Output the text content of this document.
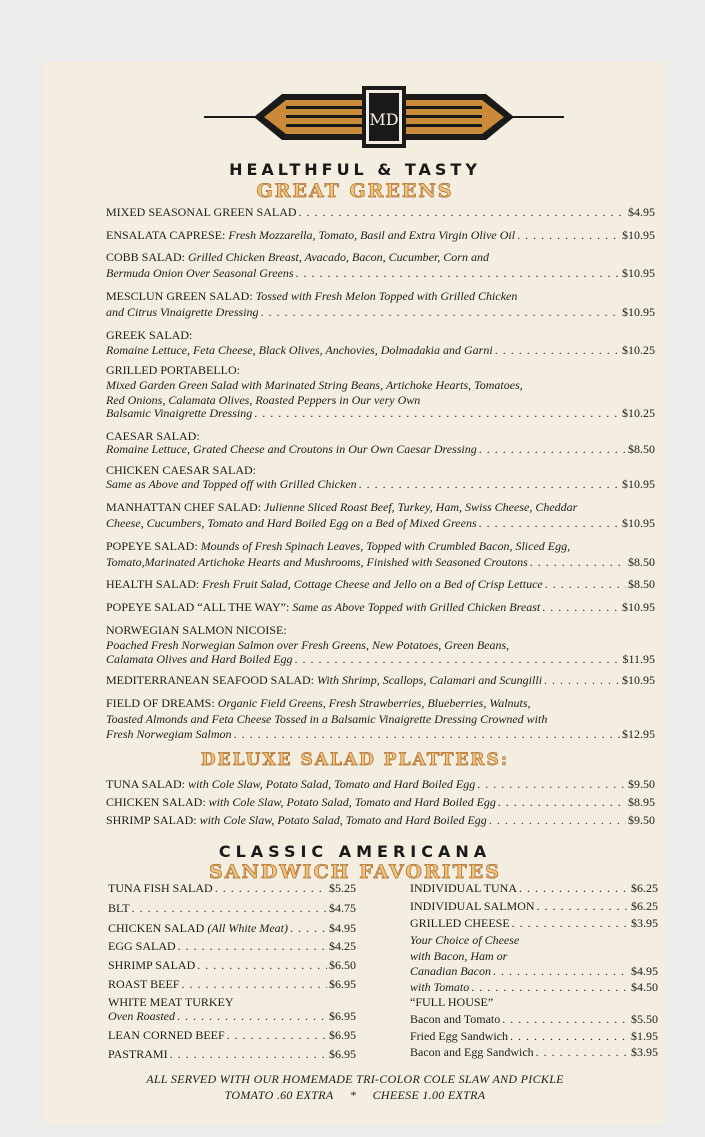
MD
HEALTHFUL & TASTY
GREAT GREENS
MIXED SEASONAL GREEN SALAD . . .	$4.95
ENSALATA CAPRESE:
Fresh Mozzarella, Tomato, Basil and Extra Virgin Olive Oil . . .	$10.95
COBB SALAD: Grilled Chicken Breast, Avacado, Bacon, Cucumber, Corn and
Bermuda Onion Over Seasonal Greens . . .	$10.95
MESCLUN GREEN SALAD: Tossed with Fresh Melon Topped with Grilled Chicken
and Citrus Vinaigrette Dressing . . .	$10.95
GREEK SALAD:
Romaine Lettuce, Feta Cheese, Black Olives, Anchovies, Dolmadakia and Garni . . .	$10.25
GRILLED PORTABELLO:
Mixed Garden Green Salad with Marinated String Beans, Artichoke Hearts, Tomatoes,
Red Onions, Calamata Olives, Roasted Peppers in Our very Own
Balsamic Vinaigrette Dressing . . .	$10.25
CAESAR SALAD:
Romaine Lettuce, Grated Cheese and Croutons in Our Own Caesar Dressing . . .	$8.50
CHICKEN CAESAR SALAD:
Same as Above and Topped off with Grilled Chicken . . .	$10.95
MANHATTAN CHEF SALAD: Julienne Sliced Roast Beef, Turkey, Ham, Swiss Cheese, Cheddar
Cheese, Cucumbers, Tomato and Hard Boiled Egg on a Bed of Mixed Greens . . .	$10.95
POPEYE SALAD: Mounds of Fresh Spinach Leaves, Topped with Crumbled Bacon, Sliced Egg,
Tomato,Marinated Artichoke Hearts and Mushrooms, Finished with Seasoned Croutons . . .	$8.50
HEALTH SALAD:
Fresh Fruit Salad, Cottage Cheese and Jello on a Bed of Crisp Lettuce . . .	$8.50
POPEYE SALAD “ALL THE WAY”:
Same as Above Topped with Grilled Chicken Breast . . .	$10.95
NORWEGIAN SALMON NICOISE:
Poached Fresh Norwegian Salmon over Fresh Greens, New Potatoes, Green Beans,
Calamata Olives and Hard Boiled Egg . . .	$11.95
MEDITERRANEAN SEAFOOD SALAD:
With Shrimp, Scallops, Calamari and Scungilli . . .	$10.95
FIELD OF DREAMS: Organic Field Greens, Fresh Strawberries, Blueberries, Walnuts,
Toasted Almonds and Feta Cheese Tossed in a Balsamic Vinaigrette Dressing Crowned with
Fresh Norwegiam Salmon . . .	$12.95
DELUXE SALAD PLATTERS:
TUNA SALAD:
with Cole Slaw, Potato Salad, Tomato and Hard Boiled Egg . . .	$9.50
CHICKEN SALAD:
with Cole Slaw, Potato Salad, Tomato and Hard Boiled Egg . . .	$8.95
SHRIMP SALAD:
with Cole Slaw, Potato Salad, Tomato and Hard Boiled Egg . . .	$9.50
CLASSIC AMERICANA
SANDWICH FAVORITES
TUNA FISH SALAD . . .	$5.25
BLT . . .	$4.75
CHICKEN SALAD
(All White Meat) . . .	$4.95
EGG SALAD . . .	$4.25
SHRIMP SALAD . . .	$6.50
ROAST BEEF . . .	$6.95
WHITE MEAT TURKEY
Oven Roasted . . .	$6.95
LEAN CORNED BEEF . . .	$6.95
PASTRAMI . . .	$6.95
INDIVIDUAL TUNA . . .	$6.25
INDIVIDUAL SALMON . . .	$6.25
GRILLED CHEESE . . .	$3.95
Your Choice of Cheese
with Bacon, Ham or
Canadian Bacon . . .	$4.95
with Tomato . . .	$4.50
“FULL HOUSE”
Bacon and Tomato . . .	$5.50
Fried Egg Sandwich . . .	$1.95
Bacon and Egg Sandwich . . .	$3.95
ALL SERVED WITH OUR HOMEMADE TRI-COLOR COLE SLAW AND PICKLE
TOMATO .60 EXTRA     *     CHEESE 1.00 EXTRA
